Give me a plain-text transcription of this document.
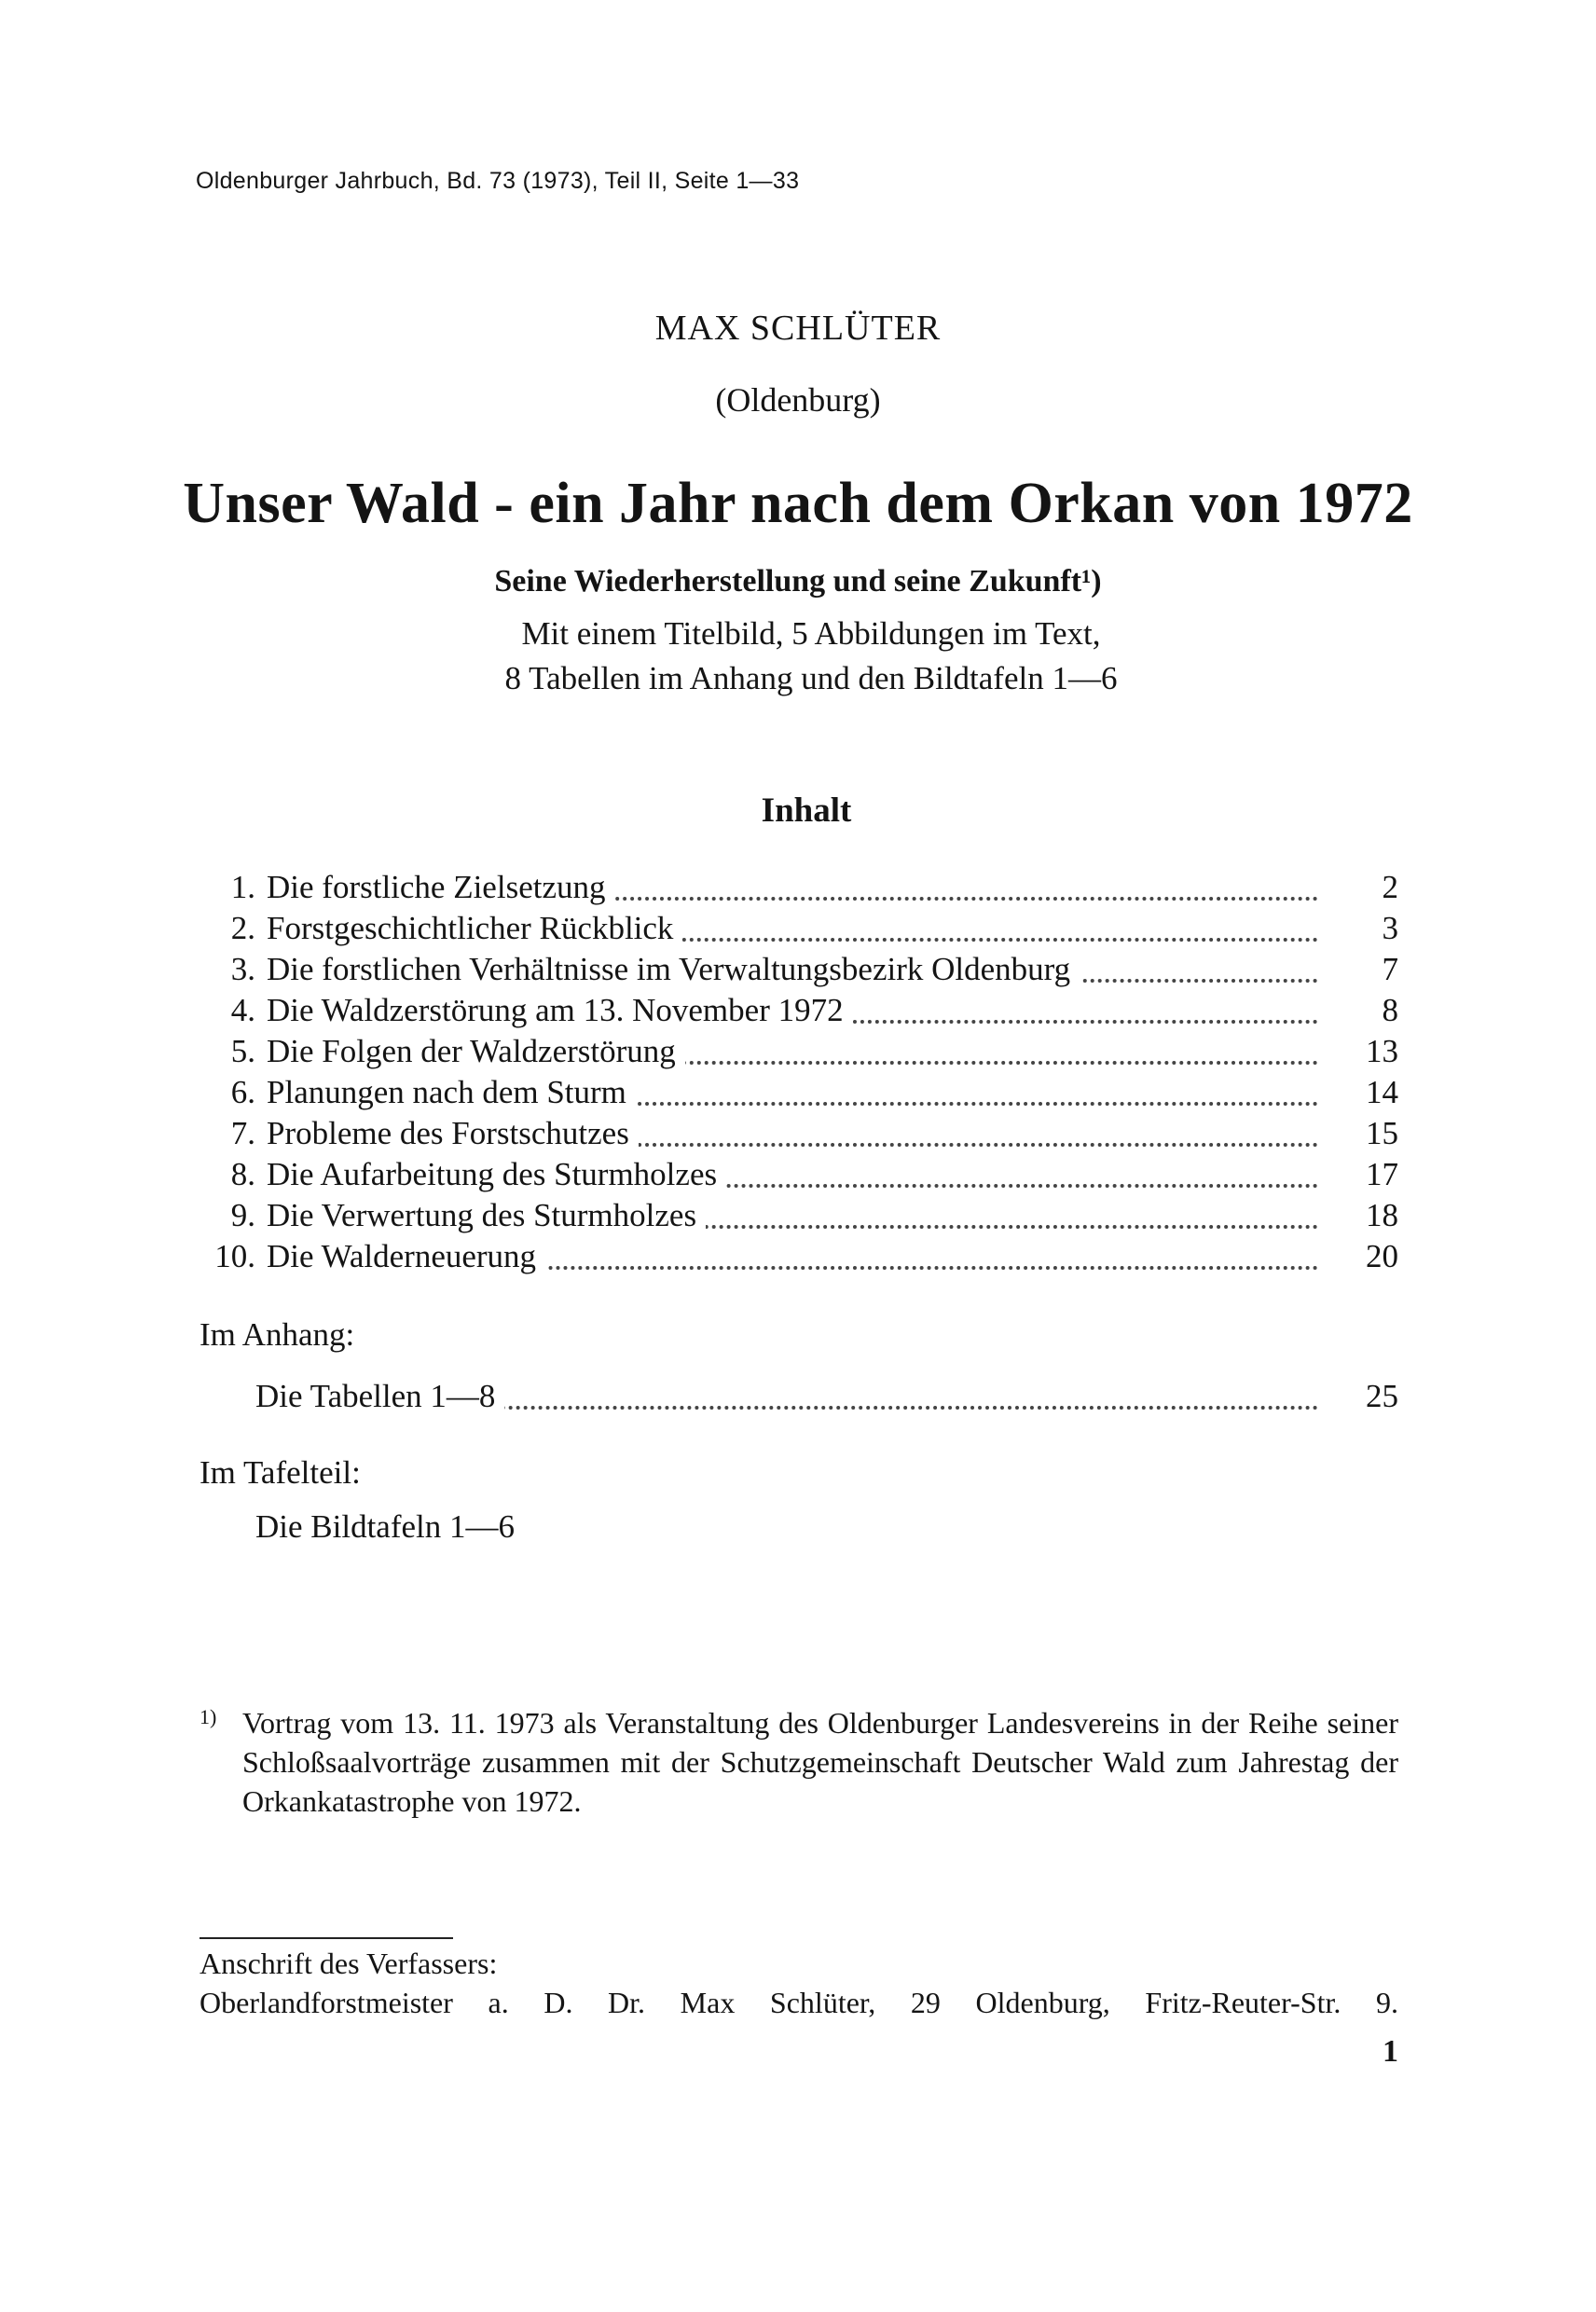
Oldenburger Jahrbuch, Bd. 73 (1973), Teil II, Seite 1—33
MAX SCHLÜTER
(Oldenburg)
Unser Wald - ein Jahr nach dem Orkan von 1972
Seine Wiederherstellung und seine Zukunft¹)
Mit einem Titelbild, 5 Abbildungen im Text,
8 Tabellen im Anhang und den Bildtafeln 1—6
Inhalt
1. Die forstliche Zielsetzung	2
2. Forstgeschichtlicher Rückblick	3
3. Die forstlichen Verhältnisse im Verwaltungsbezirk Oldenburg	7
4. Die Waldzerstörung am 13. November 1972	8
5. Die Folgen der Waldzerstörung	13
6. Planungen nach dem Sturm	14
7. Probleme des Forstschutzes	15
8. Die Aufarbeitung des Sturmholzes	17
9. Die Verwertung des Sturmholzes	18
10. Die Walderneuerung	20
Im Anhang:
Die Tabellen 1—8	25
Im Tafelteil:
Die Bildtafeln 1—6
1) Vortrag vom 13. 11. 1973 als Veranstaltung des Oldenburger Landesvereins in der Reihe seiner Schloßsaalvorträge zusammen mit der Schutzgemeinschaft Deutscher Wald zum Jahrestag der Orkankatastrophe von 1972.
Anschrift des Verfassers:
Oberlandforstmeister a. D. Dr. Max Schlüter, 29 Oldenburg, Fritz-Reuter-Str. 9.
1
